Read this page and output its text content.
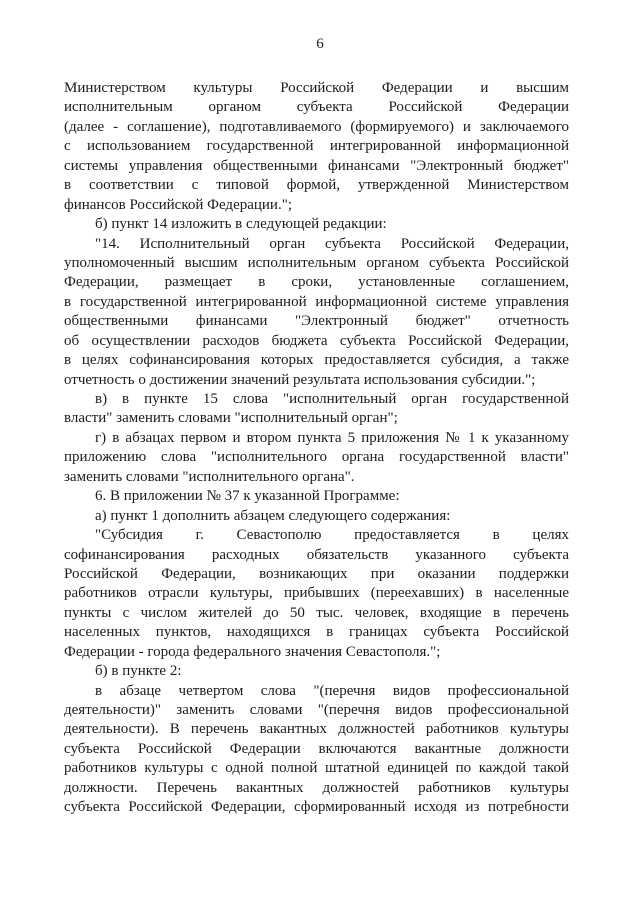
6
Министерством культуры Российской Федерации и высшим
исполнительным органом субъекта Российской Федерации
(далее - соглашение), подготавливаемого (формируемого) и заключаемого
с использованием государственной интегрированной информационной
системы управления общественными финансами "Электронный бюджет"
в соответствии с типовой формой, утвержденной Министерством
финансов Российской Федерации.";
б) пункт 14 изложить в следующей редакции:
"14. Исполнительный орган субъекта Российской Федерации,
уполномоченный высшим исполнительным органом субъекта Российской
Федерации, размещает в сроки, установленные соглашением,
в государственной интегрированной информационной системе управления
общественными финансами "Электронный бюджет" отчетность
об осуществлении расходов бюджета субъекта Российской Федерации,
в целях софинансирования которых предоставляется субсидия, а также
отчетность о достижении значений результата использования субсидии.";
в) в пункте 15 слова "исполнительный орган государственной
власти" заменить словами "исполнительный орган";
г) в абзацах первом и втором пункта 5 приложения № 1 к указанному
приложению слова "исполнительного органа государственной власти"
заменить словами "исполнительного органа".
6. В приложении № 37 к указанной Программе:
а) пункт 1 дополнить абзацем следующего содержания:
"Субсидия г. Севастополю предоставляется в целях
софинансирования расходных обязательств указанного субъекта
Российской Федерации, возникающих при оказании поддержки
работников отрасли культуры, прибывших (переехавших) в населенные
пункты с числом жителей до 50 тыс. человек, входящие в перечень
населенных пунктов, находящихся в границах субъекта Российской
Федерации - города федерального значения Севастополя.";
б) в пункте 2:
в абзаце четвертом слова "(перечня видов профессиональной
деятельности)" заменить словами "(перечня видов профессиональной
деятельности). В перечень вакантных должностей работников культуры
субъекта Российской Федерации включаются вакантные должности
работников культуры с одной полной штатной единицей по каждой такой
должности. Перечень вакантных должностей работников культуры
субъекта Российской Федерации, сформированный исходя из потребности
